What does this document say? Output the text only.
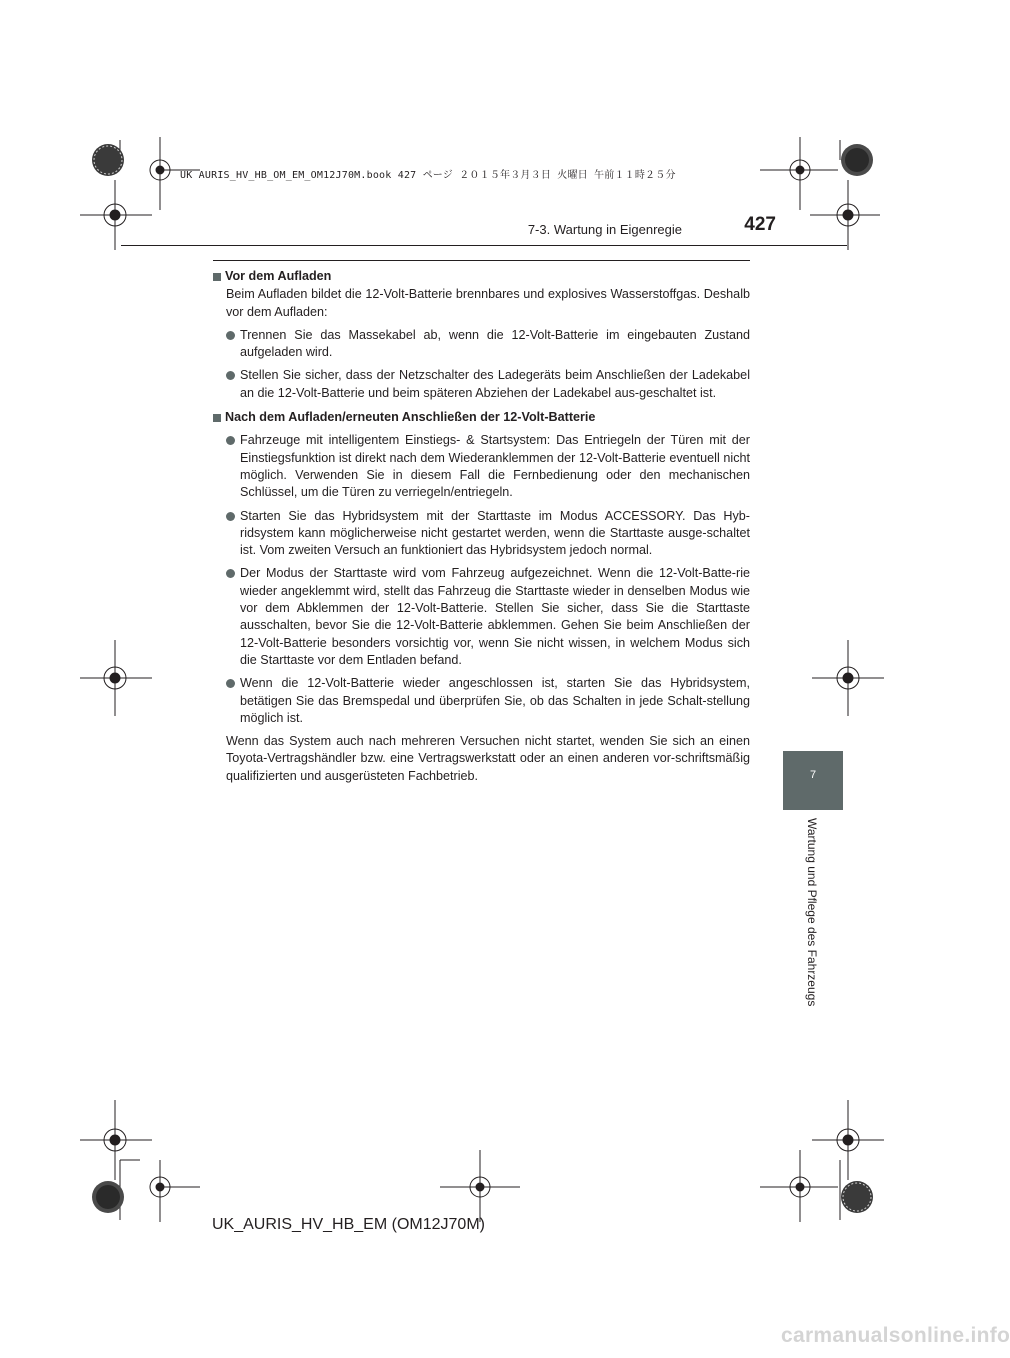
UK AURIS_HV_HB_OM_EM_OM12J70M.book 427 ページ ２０１５年３月３日 火曜日 午前１１時２５分
7-3. Wartung in Eigenregie	427
Vor dem Aufladen

Beim Aufladen bildet die 12-Volt-Batterie brennbares und explosives Wasserstoffgas. Deshalb vor dem Aufladen:

Trennen Sie das Massekabel ab, wenn die 12-Volt-Batterie im eingebauten Zustand aufgeladen wird.
Stellen Sie sicher, dass der Netzschalter des Ladegeräts beim Anschließen der Ladekabel an die 12-Volt-Batterie und beim späteren Abziehen der Ladekabel aus-geschaltet ist.
Nach dem Aufladen/erneuten Anschließen der 12-Volt-Batterie
Fahrzeuge mit intelligentem Einstiegs- & Startsystem: Das Entriegeln der Türen mit der Einstiegsfunktion ist direkt nach dem Wiederanklemmen der 12-Volt-Batterie eventuell nicht möglich. Verwenden Sie in diesem Fall die Fernbedienung oder den mechanischen Schlüssel, um die Türen zu verriegeln/entriegeln.
Starten Sie das Hybridsystem mit der Starttaste im Modus ACCESSORY. Das Hyb-ridsystem kann möglicherweise nicht gestartet werden, wenn die Starttaste ausge-schaltet ist. Vom zweiten Versuch an funktioniert das Hybridsystem jedoch normal.
Der Modus der Starttaste wird vom Fahrzeug aufgezeichnet. Wenn die 12-Volt-Batte-rie wieder angeklemmt wird, stellt das Fahrzeug die Starttaste wieder in denselben Modus wie vor dem Abklemmen der 12-Volt-Batterie. Stellen Sie sicher, dass Sie die Starttaste ausschalten, bevor Sie die 12-Volt-Batterie abklemmen. Gehen Sie beim Anschließen der 12-Volt-Batterie besonders vorsichtig vor, wenn Sie nicht wissen, in welchem Modus sich die Starttaste vor dem Entladen befand.
Wenn die 12-Volt-Batterie wieder angeschlossen ist, starten Sie das Hybridsystem, betätigen Sie das Bremspedal und überprüfen Sie, ob das Schalten in jede Schalt-stellung möglich ist.

Wenn das System auch nach mehreren Versuchen nicht startet, wenden Sie sich an einen Toyota-Vertragshändler bzw. eine Vertragswerkstatt oder an einen anderen vor-schriftsmäßig qualifizierten und ausgerüsteten Fachbetrieb.	7
Wartung und Pflege des Fahrzeugs
UK_AURIS_HV_HB_EM (OM12J70M)
carmanualsonline.info
